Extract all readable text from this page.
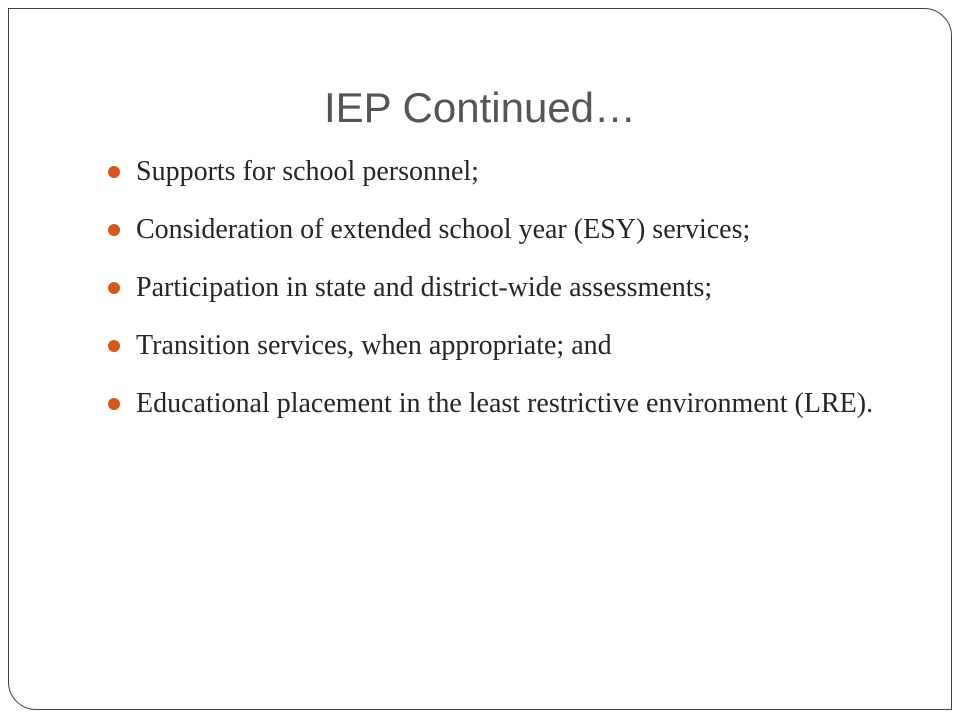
IEP Continued…
Supports for school personnel;
Consideration of extended school year (ESY) services;
Participation in state and district-wide assessments;
Transition services, when appropriate; and
Educational placement in the least restrictive environment (LRE).
